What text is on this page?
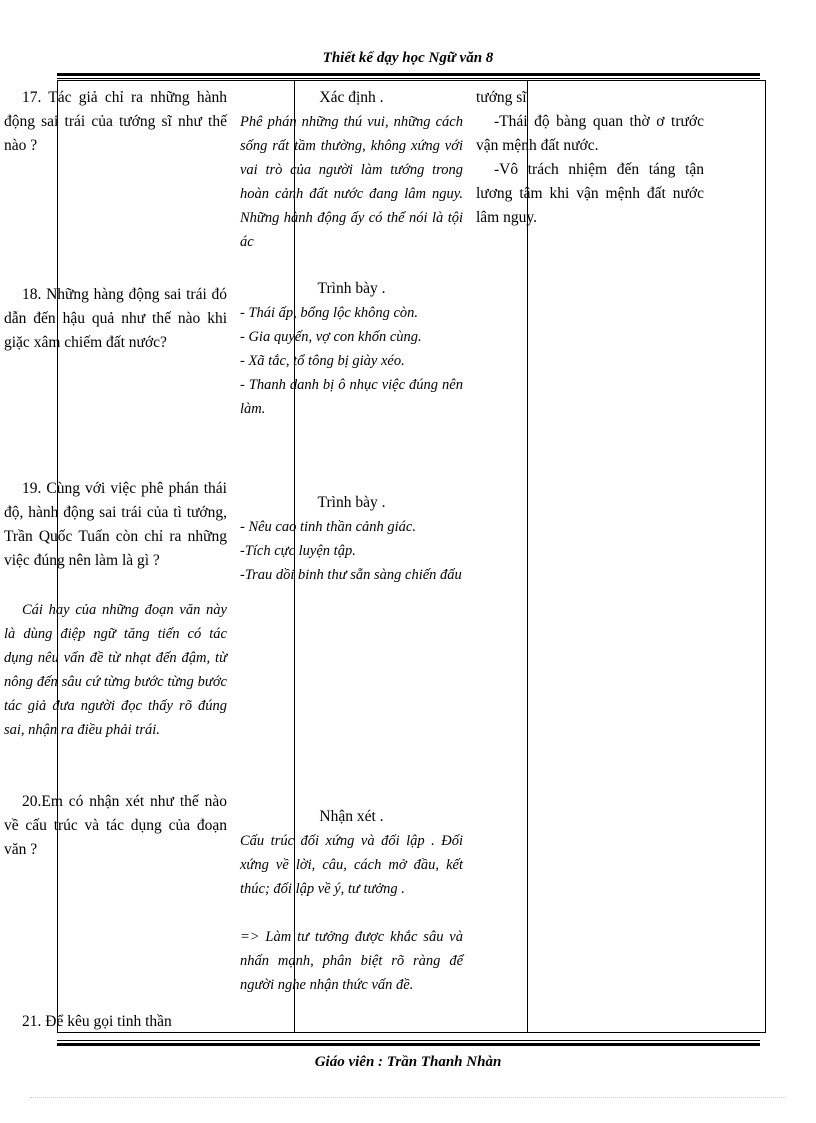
Thiết kế dạy học Ngữ văn 8
17. Tác giả chỉ ra những hành động sai trái của tướng sĩ như thế nào ?
18. Những hàng động sai trái đó dẫn đến hậu quả như thế nào khi giặc xâm chiếm đất nước?
19. Cùng với việc phê phán thái độ, hành động sai trái của tì tướng, Trần Quốc Tuấn còn chỉ ra những việc đúng nên làm là gì ?
Cái hay của những đoạn văn này là dùng điệp ngữ tăng tiến có tác dụng nêu vấn đề từ nhạt đến đậm, từ nông đến sâu cứ từng bước từng bước tác giả đưa người đọc thấy rõ đúng sai, nhận ra điều phải trái.
20.Em có nhận xét như thế nào về cấu trúc và tác dụng của đoạn văn ?
21. Để kêu gọi tinh thần
Xác định .
Phê phán những thú vui, những cách sống rất tầm thường, không xứng với vai trò của người làm tướng trong hoàn cảnh đất nước đang lâm nguy. Những hành động ấy có thể nói là tội ác
Trình bày .
- Thái ấp, bổng lộc không còn.
- Gia quyến, vợ con khốn cùng.
- Xã tắc, tổ tông bị giày xéo.
- Thanh danh bị ô nhục việc đúng nên làm.
Trình bày .
- Nêu cao tinh thần cảnh giác.
-Tích cực luyện tập.
-Trau dồi binh thư sẵn sàng chiến đấu
Nhận xét .
Cấu trúc đối xứng và đối lập . Đối xứng về lời, câu, cách mở đầu, kết thúc; đối lập về ý, tư tưởng .
=> Làm tư tưởng được khắc sâu và nhấn mạnh, phân biệt rõ ràng để người nghe nhận thức vấn đề.
tướng sĩ
-Thái độ bàng quan thờ ơ trước vận mệnh đất nước.
-Vô trách nhiệm đến táng tận lương tâm khi vận mệnh đất nước lâm nguy.
Giáo viên : Trần Thanh Nhàn
